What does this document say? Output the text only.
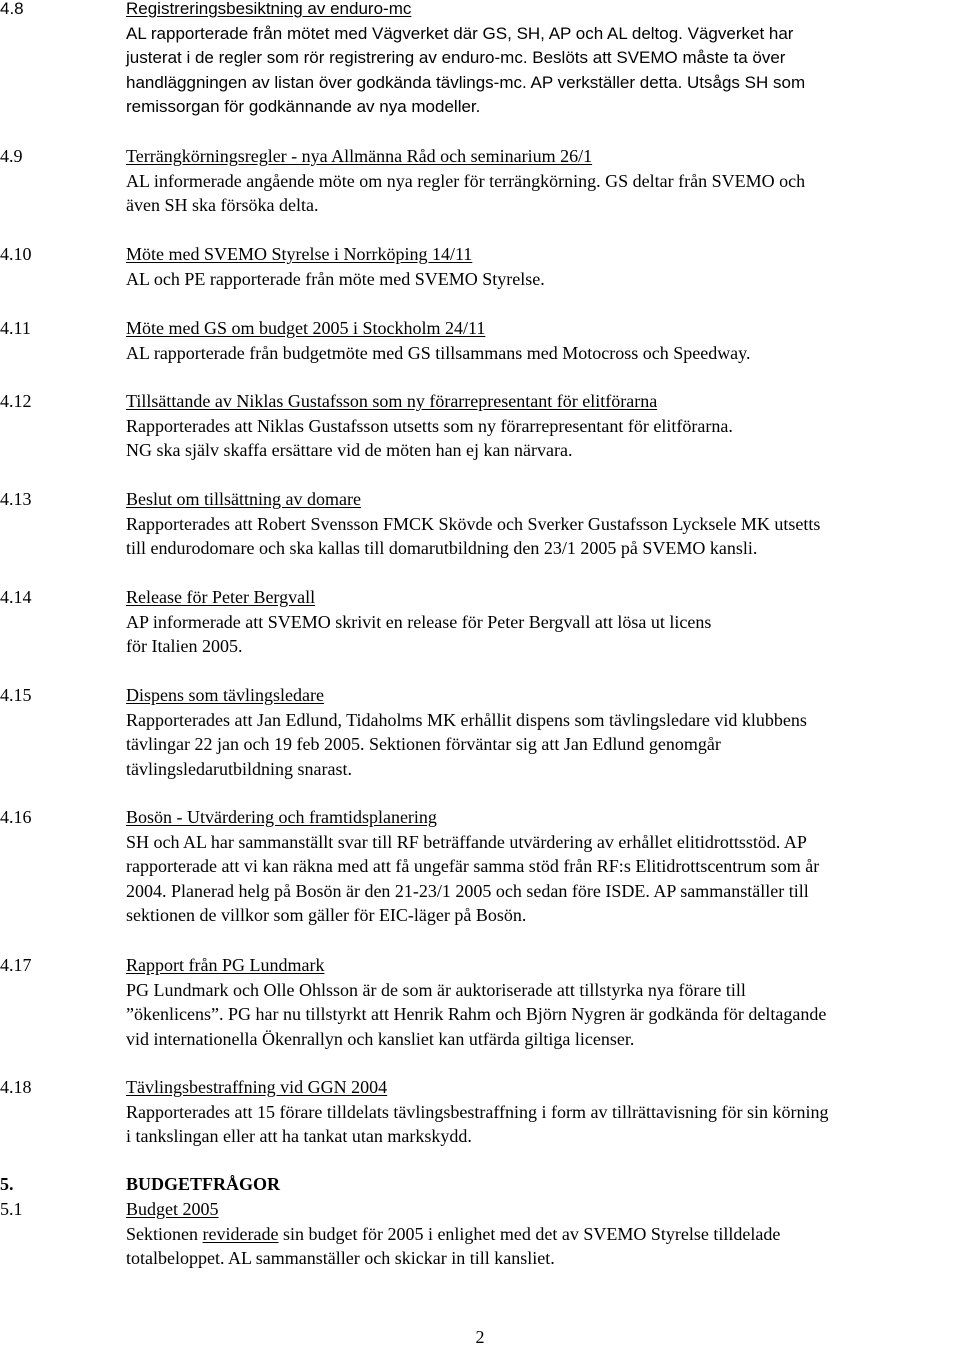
4.8	Registreringsbesiktning av enduro-mc
AL rapporterade från mötet med Vägverket där GS, SH, AP och AL deltog. Vägverket har
justerat i de regler som rör registrering av enduro-mc. Beslöts att SVEMO måste ta över
handläggningen av listan över godkända tävlings-mc. AP verkställer detta. Utsågs SH som
remissorgan för godkännande av nya modeller.
4.9	Terrängkörningsregler - nya Allmänna Råd och seminarium 26/1
AL informerade angående möte om nya regler för terrängkörning. GS deltar från SVEMO och
även SH ska försöka delta.
4.10	Möte med SVEMO Styrelse i Norrköping 14/11
AL och PE rapporterade från möte med SVEMO Styrelse.
4.11	Möte med GS om budget 2005 i Stockholm 24/11
AL rapporterade från budgetmöte med GS tillsammans med Motocross och Speedway.
4.12	Tillsättande av Niklas Gustafsson som ny förarrepresentant för elitförarna
Rapporterades att Niklas Gustafsson utsetts som ny förarrepresentant för elitförarna.
NG ska själv skaffa ersättare vid de möten han ej kan närvara.
4.13	Beslut om tillsättning av domare
Rapporterades att Robert Svensson FMCK Skövde och Sverker Gustafsson Lycksele MK utsetts
till endurodomare och ska kallas till domarutbildning den 23/1 2005 på SVEMO kansli.
4.14	Release för Peter Bergvall
AP informerade att SVEMO skrivit en release för Peter Bergvall att lösa ut licens
för Italien 2005.
4.15	Dispens som tävlingsledare
Rapporterades att Jan Edlund, Tidaholms MK erhållit dispens som tävlingsledare vid klubbens
tävlingar 22 jan och 19 feb 2005. Sektionen förväntar sig att Jan Edlund genomgår
tävlingsledarutbildning snarast.
4.16	Bosön - Utvärdering och framtidsplanering
SH och AL har sammanställt svar till RF beträffande utvärdering av erhållet elitidrottsstöd. AP
rapporterade att vi kan räkna med att få ungefär samma stöd från RF:s Elitidrottscentrum som år
2004. Planerad helg på Bosön är den 21-23/1 2005 och sedan före ISDE. AP sammanställer till
sektionen de villkor som gäller för EIC-läger på Bosön.
4.17	Rapport från PG Lundmark
PG Lundmark och Olle Ohlsson är de som är auktoriserade att tillstyrka nya förare till
”ökenlicens”. PG har nu tillstyrkt att Henrik Rahm och Björn Nygren är godkända för deltagande
vid internationella Ökenrallyn och kansliet kan utfärda giltiga licenser.
4.18	Tävlingsbestraffning vid GGN 2004
Rapporterades att 15 förare tilldelats tävlingsbestraffning i form av tillrättavisning för sin körning
i tankslingan eller att ha tankat utan markskydd.
5.	BUDGETFRÅGOR
5.1	Budget 2005
Sektionen reviderade sin budget för 2005 i enlighet med det av SVEMO Styrelse tilldelade
totalbeloppet. AL sammanställer och skickar in till kansliet.
2
